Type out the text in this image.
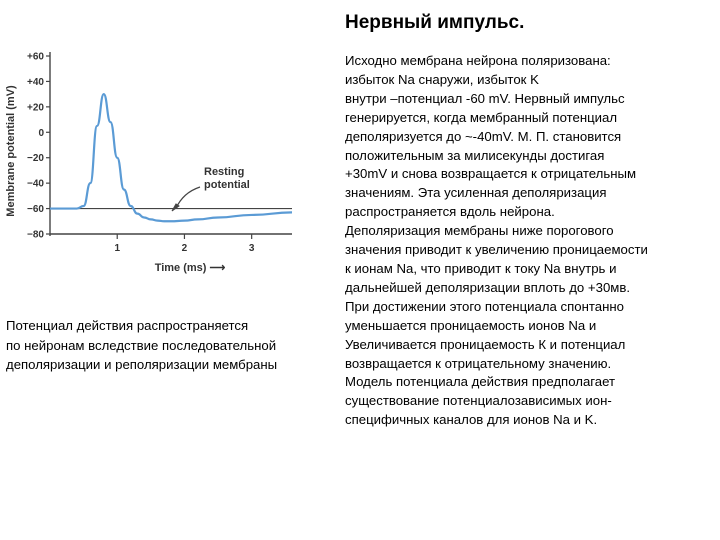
Нервный импульс.
Исходно мембрана нейрона поляризована:
избыток Na снаружи, избыток K
внутри –потенциал -60 mV. Нервный импульс
генерируется, когда мембранный потенциал
деполяризуется до ~-40mV. М. П. становится
положительным за милисекунды достигая
+30mV и снова возвращается к отрицательным
значениям. Эта усиленная деполяризация
распространяется вдоль нейрона.
Деполяризация мембраны ниже порогового
значения приводит к увеличению проницаемости
к ионам Na, что приводит к току Na внутрь и
дальнейшей деполяризации вплоть до +30мв.
При достижении этого потенциала спонтанно
уменьшается проницаемость ионов Na и
Увеличивается проницаемость К и потенциал
возвращается к отрицательному значению.
Модель потенциала действия предполагает
существование потенциалозависимых ион-
специфичных каналов для ионов Na и K.
Потенциал действия распространяется
по нейронам вследствие последовательной
деполяризации и реполяризации мембраны
+60
+40
+20
0
−20
−40
−60
−80
1	2	3
Resting
potential
Membrane potential (mV)
Time (ms) ⟶
